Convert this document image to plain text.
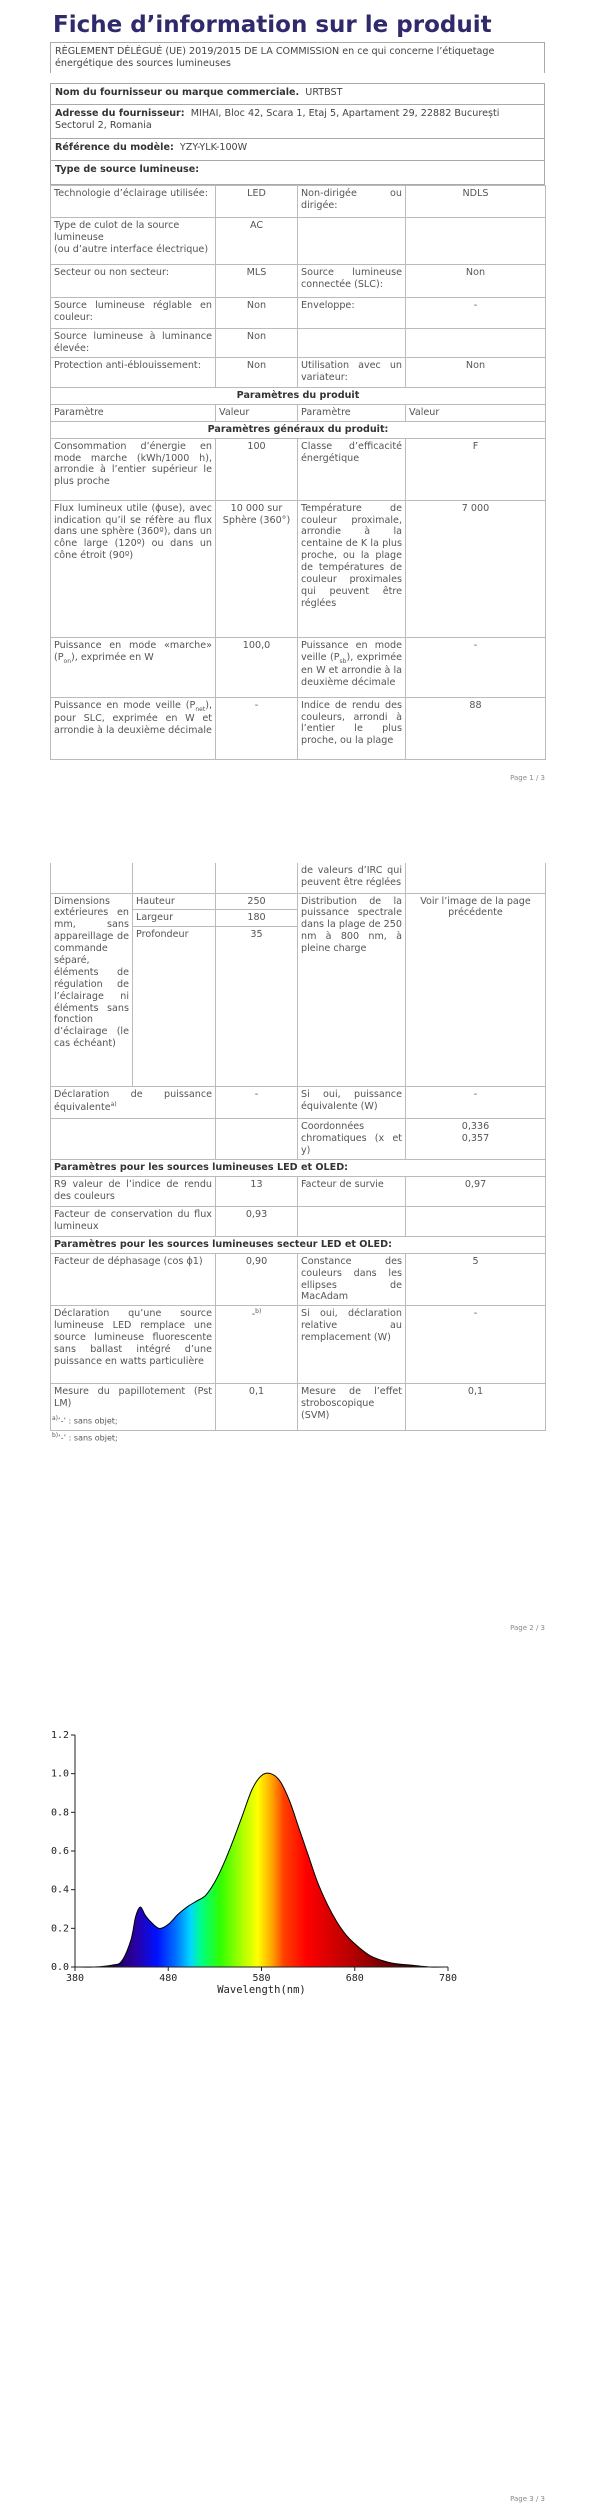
Fiche d’information sur le produit
RÈGLEMENT DÉLÉGUÉ (UE) 2019/2015 DE LA COMMISSION en ce qui concerne l’étiquetage énergétique des sources lumineuses
Nom du fournisseur ou marque commerciale. URTBST
Adresse du fournisseur: MIHAI, Bloc 42, Scara 1, Etaj 5, Apartament 29, 22882 București Sectorul 2, Romania
Référence du modèle: YZY-YLK-100W
Type de source lumineuse:
Technologie d’éclairage utilisée:	LED	Non-dirigée ou dirigée:	NDLS
Type de culot de la source lumineuse
(ou d’autre interface électrique)	AC		
Secteur ou non secteur:	MLS	Source lumineuse connectée (SLC):	Non
Source lumineuse réglable en couleur:	Non	Enveloppe:	-
Source lumineuse à luminance élevée:	Non		
Protection anti-éblouissement:	Non	Utilisation avec un variateur:	Non
Paramètres du produit			
Paramètre	Valeur	Paramètre	Valeur
Paramètres généraux du produit:			
Consommation d’énergie en mode marche (kWh/1000 h), arrondie à l’entier supérieur le plus proche	100	Classe d’efficacité énergétique	F
Flux lumineux utile (ϕuse), avec indication qu’il se réfère au flux dans une sphère (360º), dans un cône large (120º) ou dans un cône étroit (90º)	10 000 sur Sphère (360°)	Température de couleur proximale, arrondie à la centaine de K la plus proche, ou la plage de températures de couleur proximales qui peuvent être réglées	7 000
Puissance en mode «marche» $(P_{on})$, exprimée en W	100,0	Puissance en mode veille $(P_{sb})$, exprimée en W et arrondie à la deuxième décimale	-
Puissance en mode veille $(P_{net})$, pour SLC, exprimée en W et arrondie à la deuxième décimale	-	Indice de rendu des couleurs, arrondi à l’entier le plus proche, ou la plage	88
Page 1 / 3
			de valeurs d’IRC qui peuvent être réglées	
Dimensions extérieures en mm, sans appareillage de commande séparé, éléments de régulation de l’éclairage ni éléments sans fonction d’éclairage (le cas échéant)	Hauteur	250	Distribution de la puissance spectrale dans la plage de 250 nm à 800 nm, à pleine charge	Voir l’image de la page précédente
	Largeur	180		
	Profondeur	35		
Déclaration de puissance équivalente$^{a)}$		-	Si oui, puissance équivalente (W)	-
			Coordonnées chromatiques (x et y)	0,336
0,357
Paramètres pour les sources lumineuses LED et OLED:				
R9 valeur de l’indice de rendu des couleurs		13	Facteur de survie	0,97
Facteur de conservation du flux lumineux		0,93		
Paramètres pour les sources lumineuses secteur LED et OLED:				
Facteur de déphasage (cos ϕ1)		0,90	Constance des couleurs dans les ellipses de MacAdam	5
Déclaration qu’une source lumineuse LED remplace une source lumineuse fluorescente sans ballast intégré d’une puissance en watts particulière		-$^{b)}$	Si oui, déclaration relative au remplacement (W)	-
Mesure du papillotement (Pst LM)		0,1	Mesure de l’effet stroboscopique (SVM)	0,1
$^{a)}$‘-’ : sans objet;
$^{b)}$‘-’ : sans objet;
Page 2 / 3
0.0
0.2
0.4
0.6
0.8
1.0
1.2
380	480	580	680	780
Wavelength(nm)
Page 3 / 3
